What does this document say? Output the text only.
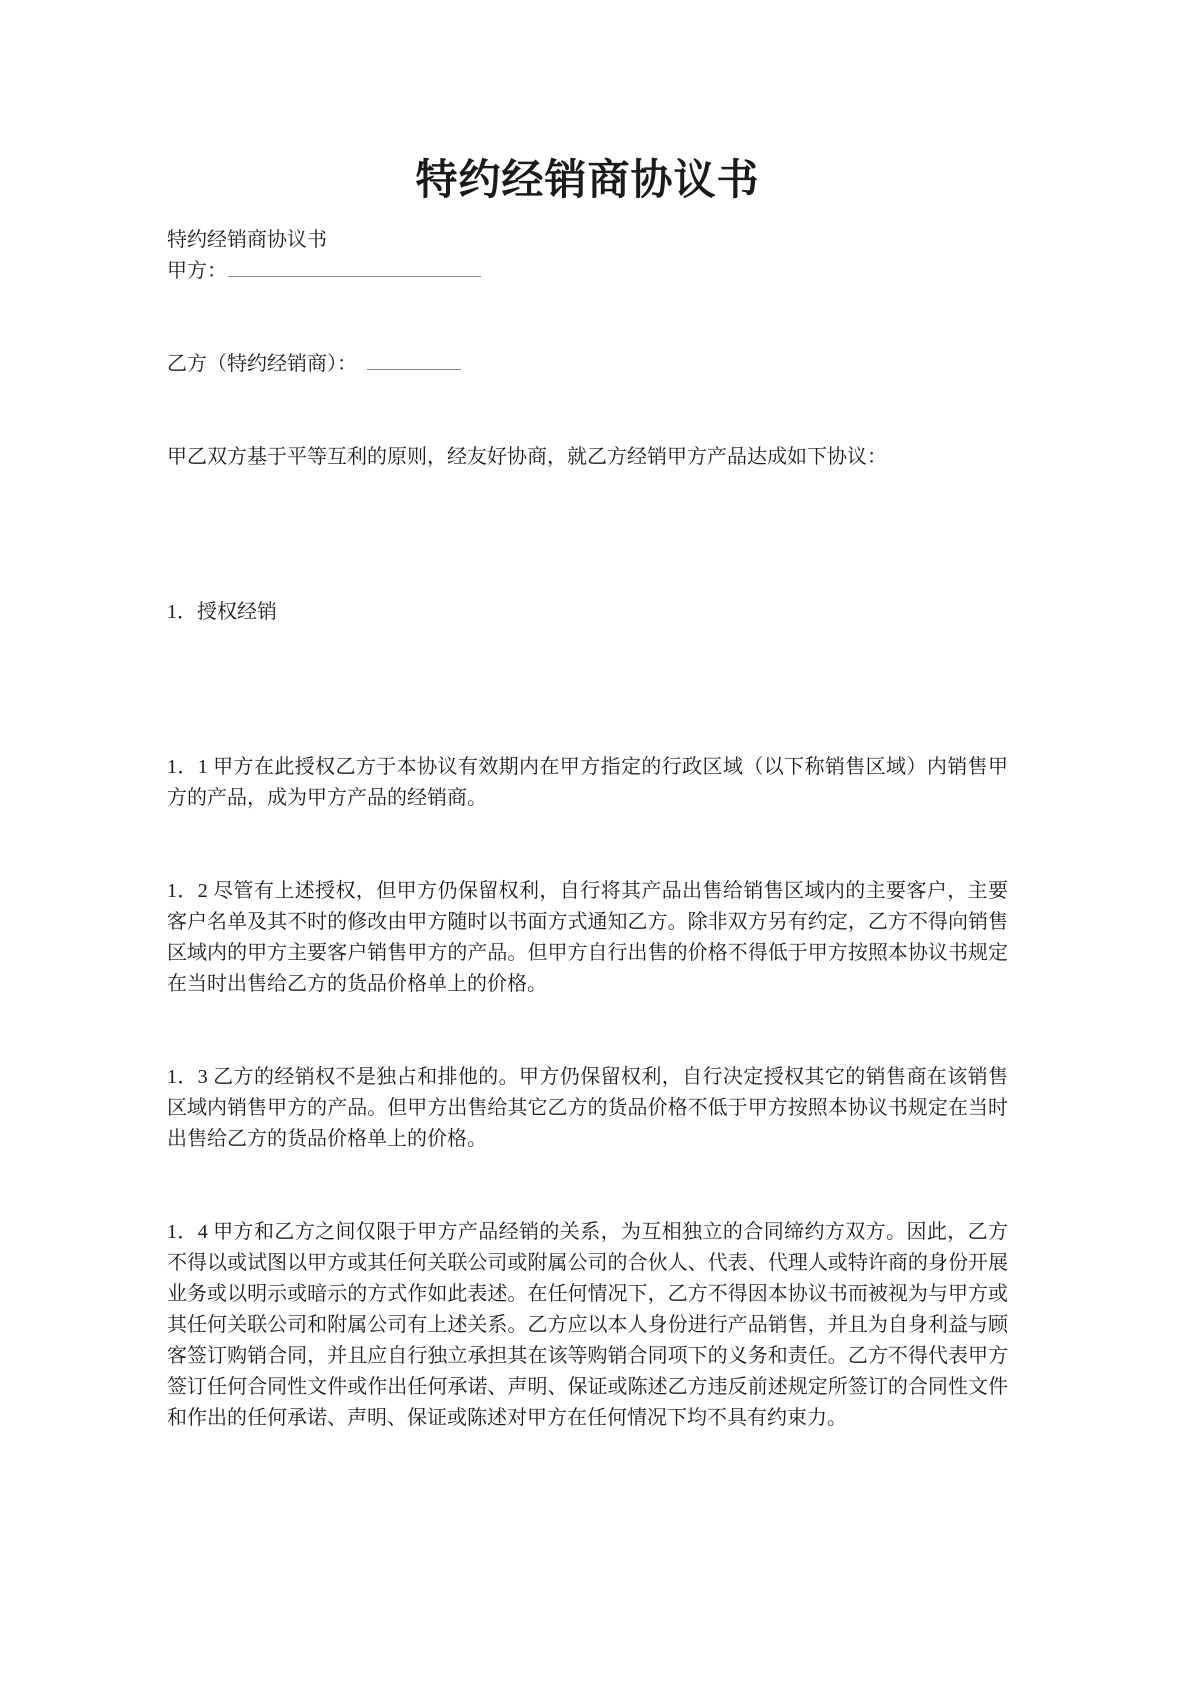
特约经销商协议书

特约经销商协议书

甲方：

乙方（特约经销商）：

甲乙双方基于平等互利的原则，经友好协商，就乙方经销甲方产品达成如下协议：

1．授权经销

1．1 甲方在此授权乙方于本协议有效期内在甲方指定的行政区域（以下称销售区域）内销售甲方的产品，成为甲方产品的经销商。

1．2 尽管有上述授权，但甲方仍保留权利，自行将其产品出售给销售区域内的主要客户，主要客户名单及其不时的修改由甲方随时以书面方式通知乙方。除非双方另有约定，乙方不得向销售区域内的甲方主要客户销售甲方的产品。但甲方自行出售的价格不得低于甲方按照本协议书规定在当时出售给乙方的货品价格单上的价格。

1．3 乙方的经销权不是独占和排他的。甲方仍保留权利，自行决定授权其它的销售商在该销售区域内销售甲方的产品。但甲方出售给其它乙方的货品价格不低于甲方按照本协议书规定在当时出售给乙方的货品价格单上的价格。

1．4 甲方和乙方之间仅限于甲方产品经销的关系，为互相独立的合同缔约方双方。因此，乙方不得以或试图以甲方或其任何关联公司或附属公司的合伙人、代表、代理人或特许商的身份开展业务或以明示或暗示的方式作如此表述。在任何情况下，乙方不得因本协议书而被视为与甲方或其任何关联公司和附属公司有上述关系。乙方应以本人身份进行产品销售，并且为自身利益与顾客签订购销合同，并且应自行独立承担其在该等购销合同项下的义务和责任。乙方不得代表甲方签订任何合同性文件或作出任何承诺、声明、保证或陈述乙方违反前述规定所签订的合同性文件和作出的任何承诺、声明、保证或陈述对甲方在任何情况下均不具有约束力。
